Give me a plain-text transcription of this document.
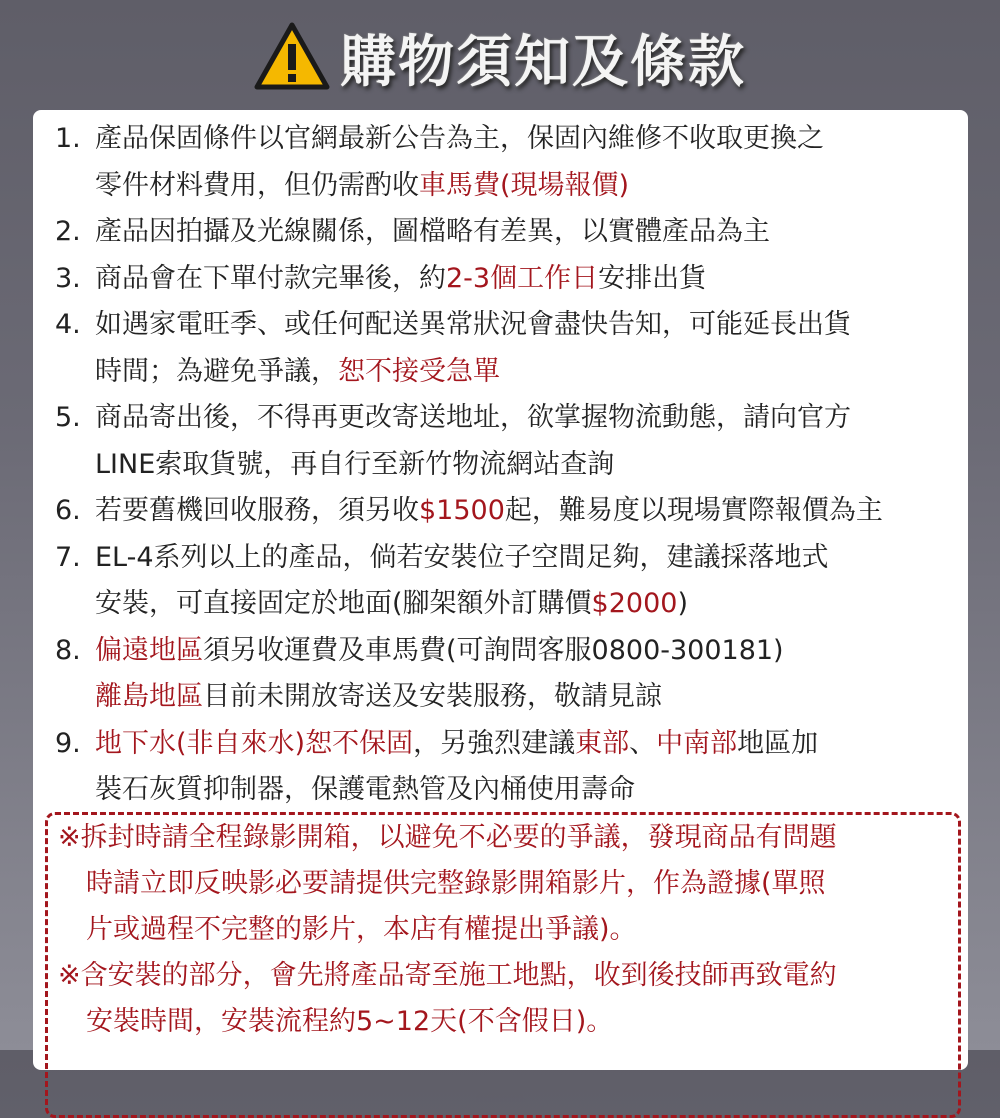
購物須知及條款
1. 產品保固條件以官網最新公告為主，保固內維修不收取更換之
零件材料費用，但仍需酌收車馬費(現場報價)
2. 產品因拍攝及光線關係，圖檔略有差異，以實體產品為主
3. 商品會在下單付款完畢後，約2-3個工作日安排出貨
4. 如遇家電旺季、或任何配送異常狀況會盡快告知，可能延長出貨
時間；為避免爭議，恕不接受急單
5. 商品寄出後，不得再更改寄送地址，欲掌握物流動態，請向官方
LINE索取貨號，再自行至新竹物流網站查詢
6. 若要舊機回收服務，須另收$1500起，難易度以現場實際報價為主
7. EL-4系列以上的產品，倘若安裝位子空間足夠，建議採落地式
安裝，可直接固定於地面(腳架額外訂購價$2000)
8. 偏遠地區須另收運費及車馬費(可詢問客服0800-300181)
離島地區目前未開放寄送及安裝服務，敬請見諒
9. 地下水(非自來水)恕不保固，另強烈建議東部、中南部地區加
裝石灰質抑制器，保護電熱管及內桶使用壽命
※拆封時請全程錄影開箱，以避免不必要的爭議，發現商品有問題
時請立即反映影必要請提供完整錄影開箱影片，作為證據(單照
片或過程不完整的影片，本店有權提出爭議)。
※含安裝的部分，會先將產品寄至施工地點，收到後技師再致電約
安裝時間，安裝流程約5~12天(不含假日)。
